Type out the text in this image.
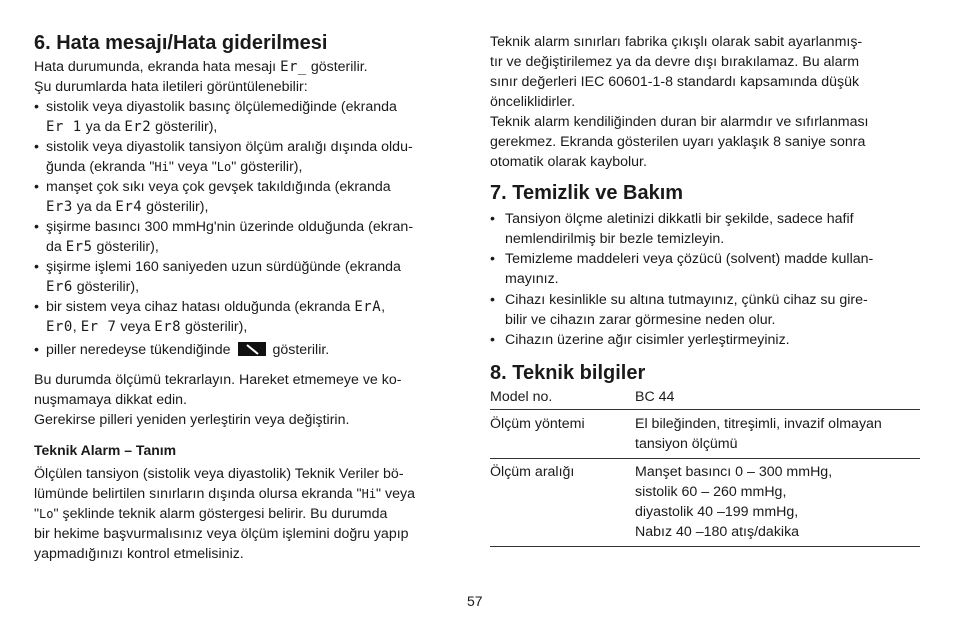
6. Hata mesajı/Hata giderilmesi
Hata durumunda, ekranda hata mesajı Er_ gösterilir.
Şu durumlarda hata iletileri görüntülenebilir:
• sistolik veya diyastolik basınç ölçülemediğinde (ekranda
Er 1 ya da Er2 gösterilir),
• sistolik veya diyastolik tansiyon ölçüm aralığı dışında oldu-
ğunda (ekranda "Hi" veya "Lo" gösterilir),
• manşet çok sıkı veya çok gevşek takıldığında (ekranda
Er3 ya da Er4 gösterilir),
• şişirme basıncı 300 mmHg'nin üzerinde olduğunda (ekran-
da Er5 gösterilir),
• şişirme işlemi 160 saniyeden uzun sürdüğünde (ekranda
Er6 gösterilir),
• bir sistem veya cihaz hatası olduğunda (ekranda ErA,
Er0, Er 7 veya Er8 gösterilir),
• piller neredeyse tükendiğinde	gösterilir.
Bu durumda ölçümü tekrarlayın. Hareket etmemeye ve ko-
nuşmamaya dikkat edin.
Gerekirse pilleri yeniden yerleştirin veya değiştirin.
Teknik Alarm – Tanım
Ölçülen tansiyon (sistolik veya diyastolik) Teknik Veriler bö-
lümünde belirtilen sınırların dışında olursa ekranda "Hi" veya
"Lo" şeklinde teknik alarm göstergesi belirir. Bu durumda
bir hekime başvurmalısınız veya ölçüm işlemini doğru yapıp
yapmadığınızı kontrol etmelisiniz.
Teknik alarm sınırları fabrika çıkışlı olarak sabit ayarlanmış-
tır ve değiştirilemez ya da devre dışı bırakılamaz. Bu alarm
sınır değerleri IEC 60601-1-8 standardı kapsamında düşük
önceliklidirler.
Teknik alarm kendiliğinden duran bir alarmdır ve sıfırlanması
gerekmez. Ekranda gösterilen uyarı yaklaşık 8 saniye sonra
otomatik olarak kaybolur.
7. Temizlik ve Bakım
• Tansiyon ölçme aletinizi dikkatli bir şekilde, sadece hafif
nemlendirilmiş bir bezle temizleyin.
• Temizleme maddeleri veya çözücü (solvent) madde kullan-
mayınız.
• Cihazı kesinlikle su altına tutmayınız, çünkü cihaz su gire-
bilir ve cihazın zarar görmesine neden olur.
• Cihazın üzerine ağır cisimler yerleştirmeyiniz.
8. Teknik bilgiler
Model no.	BC 44
Ölçüm yöntemi	El bileğinden, titreşimli, invazif olmayan
tansiyon ölçümü
Ölçüm aralığı	Manşet basıncı 0 – 300 mmHg,
sistolik 60 – 260 mmHg,
diyastolik 40 –199 mmHg,
Nabız 40 –180 atış/dakika
57
